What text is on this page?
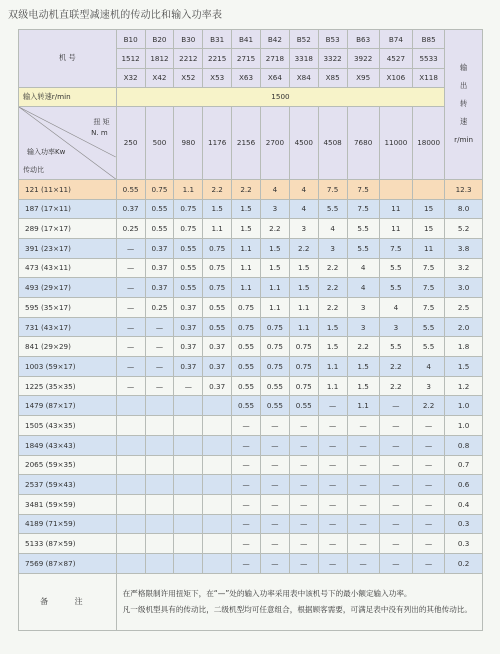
双级电动机直联型减速机的传动比和输入功率表
机 号	B10	B20	B30	B31	B41	B42	B52	B53	B63	B74	B85	输
出
转
速
r/min

	1512	1812	2212	2215	2715	2718	3318	3322	3922	4527	5533	
	X32	X42	X52	X53	X63	X64	X84	X85	X95	X106	X118	
输入转速r/min	1500											

扭 矩
N. m
输入功率Kw
传动比	250	500	980	1176	2156	2700	4500	4508	7680	11000	18000	
121 (11×11)	0.55	0.75	1.1	2.2	2.2	4	4	7.5	7.5			12.3
187 (17×11)	0.37	0.55	0.75	1.5	1.5	3	4	5.5	7.5	11	15	8.0
289 (17×17)	0.25	0.55	0.75	1.1	1.5	2.2	3	4	5.5	11	15	5.2
391 (23×17)	—	0.37	0.55	0.75	1.1	1.5	2.2	3	5.5	7.5	11	3.8
473 (43×11)	—	0.37	0.55	0.75	1.1	1.5	1.5	2.2	4	5.5	7.5	3.2
493 (29×17)	—	0.37	0.55	0.75	1.1	1.1	1.5	2.2	4	5.5	7.5	3.0
595 (35×17)	—	0.25	0.37	0.55	0.75	1.1	1.1	2.2	3	4	7.5	2.5
731 (43×17)	—	—	0.37	0.55	0.75	0.75	1.1	1.5	3	3	5.5	2.0
841 (29×29)	—	—	0.37	0.37	0.55	0.75	0.75	1.5	2.2	5.5	5.5	1.8
1003 (59×17)	—	—	0.37	0.37	0.55	0.75	0.75	1.1	1.5	2.2	4	1.5
1225 (35×35)	—	—	—	0.37	0.55	0.55	0.75	1.1	1.5	2.2	3	1.2
1479 (87×17)					0.55	0.55	0.55	—	1.1	—	2.2	1.0
1505 (43×35)					—	—	—	—	—	—	—	1.0
1849 (43×43)					—	—	—	—	—	—	—	0.8
2065 (59×35)					—	—	—	—	—	—	—	0.7
2537 (59×43)					—	—	—	—	—	—	—	0.6
3481 (59×59)					—	—	—	—	—	—	—	0.4
4189 (71×59)					—	—	—	—	—	—	—	0.3
5133 (87×59)					—	—	—	—	—	—	—	0.3
7569 (87×87)					—	—	—	—	—	—	—	0.2
备 注	在严格限制许用扭矩下，在“—”处的输入功率采用表中该机号下的最小额定输入功率。
凡一级机型具有的传动比，二级机型均可任意组合，根据顾客需要，可满足表中没有列出的其他传动比。											
